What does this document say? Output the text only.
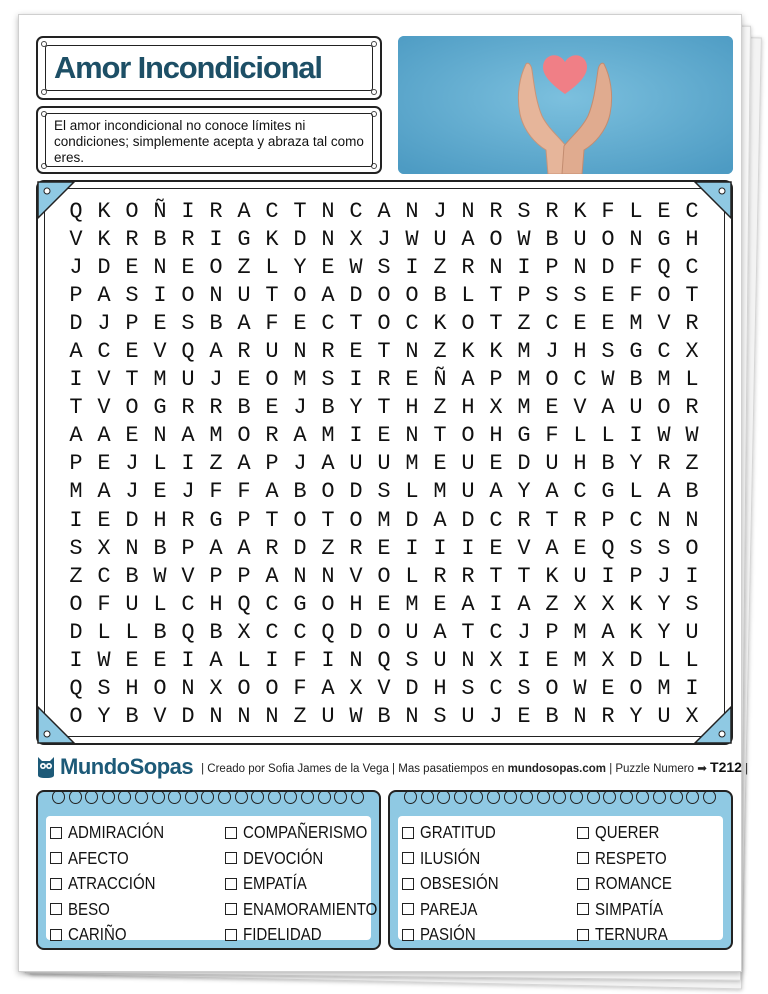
Amor Incondicional

El amor incondicional no conoce límites ni condiciones; simplemente acepta y abraza tal como eres.

Q K O Ñ I R A C T N C A N J N R S R K F L E C
V K R B R I G K D N X J W U A O W B U O N G H
J D E N E O Z L Y E W S I Z R N I P N D F Q C
P A S I O N U T O A D O O B L T P S S E F O T
D J P E S B A F E C T O C K O T Z C E E M V R
A C E V Q A R U N R E T N Z K K M J H S G C X
I V T M U J E O M S I R E Ñ A P M O C W B M L
T V O G R R B E J B Y T H Z H X M E V A U O R
A A E N A M O R A M I E N T O H G F L L I W W
P E J L I Z A P J A U U M E U E D U H B Y R Z
M A J E J F F A B O D S L M U A Y A C G L A B
I E D H R G P T O T O M D A D C R T R P C N N
S X N B P A A R D Z R E I I I E V A E Q S S O
Z C B W V P P A N N V O L R R T T K U I P J I
O F U L C H Q C G O H E M E A I A Z X X K Y S
D L L B Q B X C C Q D O U A T C J P M A K Y U
I W E E I A L I F I N Q S U N X I E M X D L L
Q S H O N X O O F A X V D H S C S O W E O M I
O Y B V D N N N Z U W B N S U J E B N R Y U X
MundoSopas | Creado por Sofia James de la Vega | Mas pasatiempos en mundosopas.com | Puzzle Numero ➡ T212 |
ADMIRACIÓN	COMPAÑERISMO
AFECTO	DEVOCIÓN
ATRACCIÓN	EMPATÍA
BESO	ENAMORAMIENTO
CARIÑO	FIDELIDAD
GRATITUD	QUERER
ILUSIÓN	RESPETO
OBSESIÓN	ROMANCE
PAREJA	SIMPATÍA
PASIÓN	TERNURA
